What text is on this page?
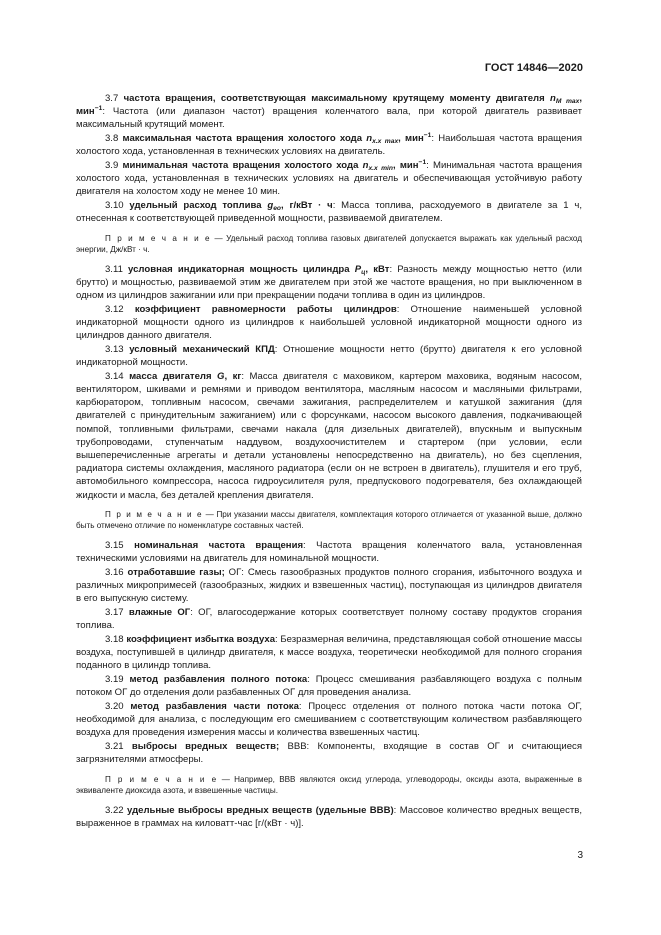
ГОСТ 14846—2020

3.7 частота вращения, соответствующая максимальному крутящему моменту двигателя $n_{M max}$, мин$^{-1}$: Частота (или диапазон частот) вращения коленчатого вала, при которой двигатель развивает максимальный крутящий момент.

3.8 максимальная частота вращения холостого хода $n_{x.x max}$, мин$^{-1}$: Наибольшая частота вращения холостого хода, установленная в технических условиях на двигатель.

3.9 минимальная частота вращения холостого хода $n_{x.x min}$, мин$^{-1}$: Минимальная частота вращения холостого хода, установленная в технических условиях на двигатель и обеспечивающая устойчивую работу двигателя на холостом ходу не менее 10 мин.

3.10 удельный расход топлива $g_{eo}$, г/кВт · ч: Масса топлива, расходуемого в двигателе за 1 ч, отнесенная к соответствующей приведенной мощности, развиваемой двигателем.

П р и м е ч а н и е — Удельный расход топлива газовых двигателей допускается выражать как удельный расход энергии, Дж/кВт · ч.

3.11 условная индикаторная мощность цилиндра $P_ц$, кВт: Разность между мощностью нетто (или брутто) и мощностью, развиваемой этим же двигателем при этой же частоте вращения, но при выключенном в одном из цилиндров зажигании или при прекращении подачи топлива в один из цилиндров.

3.12 коэффициент равномерности работы цилиндров: Отношение наименьшей условной индикаторной мощности одного из цилиндров к наибольшей условной индикаторной мощности одного из цилиндров данного двигателя.

3.13 условный механический КПД: Отношение мощности нетто (брутто) двигателя к его условной индикаторной мощности.

3.14 масса двигателя G, кг: Масса двигателя с маховиком, картером маховика, водяным насосом, вентилятором, шкивами и ремнями и приводом вентилятора, масляным насосом и масляными фильтрами, карбюратором, топливным насосом, свечами зажигания, распределителем и катушкой зажигания (для двигателей с принудительным зажиганием) или с форсунками, насосом высокого давления, подкачивающей помпой, топливными фильтрами, свечами накала (для дизельных двигателей), впускным и выпускным трубопроводами, ступенчатым наддувом, воздухоочистителем и стартером (при условии, если вышеперечисленные агрегаты и детали установлены непосредственно на двигатель), но без сцепления, радиатора системы охлаждения, масляного радиатора (если он не встроен в двигатель), глушителя и его труб, автомобильного компрессора, насоса гидроусилителя руля, предпускового подогревателя, без охлаждающей жидкости и масла, без деталей крепления двигателя.

П р и м е ч а н и е — При указании массы двигателя, комплектация которого отличается от указанной выше, должно быть отмечено отличие по номенклатуре составных частей.

3.15 номинальная частота вращения: Частота вращения коленчатого вала, установленная техническими условиями на двигатель для номинальной мощности.

3.16 отработавшие газы; ОГ: Смесь газообразных продуктов полного сгорания, избыточного воздуха и различных микропримесей (газообразных, жидких и взвешенных частиц), поступающая из цилиндров двигателя в его выпускную систему.

3.17 влажные ОГ: ОГ, влагосодержание которых соответствует полному составу продуктов сгорания топлива.

3.18 коэффициент избытка воздуха: Безразмерная величина, представляющая собой отношение массы воздуха, поступившей в цилиндр двигателя, к массе воздуха, теоретически необходимой для полного сгорания поданного в цилиндр топлива.

3.19 метод разбавления полного потока: Процесс смешивания разбавляющего воздуха с полным потоком ОГ до отделения доли разбавленных ОГ для проведения анализа.

3.20 метод разбавления части потока: Процесс отделения от полного потока части потока ОГ, необходимой для анализа, с последующим его смешиванием с соответствующим количеством разбавляющего воздуха для проведения измерения массы и количества взвешенных частиц.

3.21 выбросы вредных веществ; ВВВ: Компоненты, входящие в состав ОГ и считающиеся загрязнителями атмосферы.

П р и м е ч а н и е — Например, ВВВ являются оксид углерода, углеводороды, оксиды азота, выраженные в эквиваленте диоксида азота, и взвешенные частицы.

3.22 удельные выбросы вредных веществ (удельные ВВВ): Массовое количество вредных веществ, выраженное в граммах на киловатт-час [г/(кВт · ч)].

3
